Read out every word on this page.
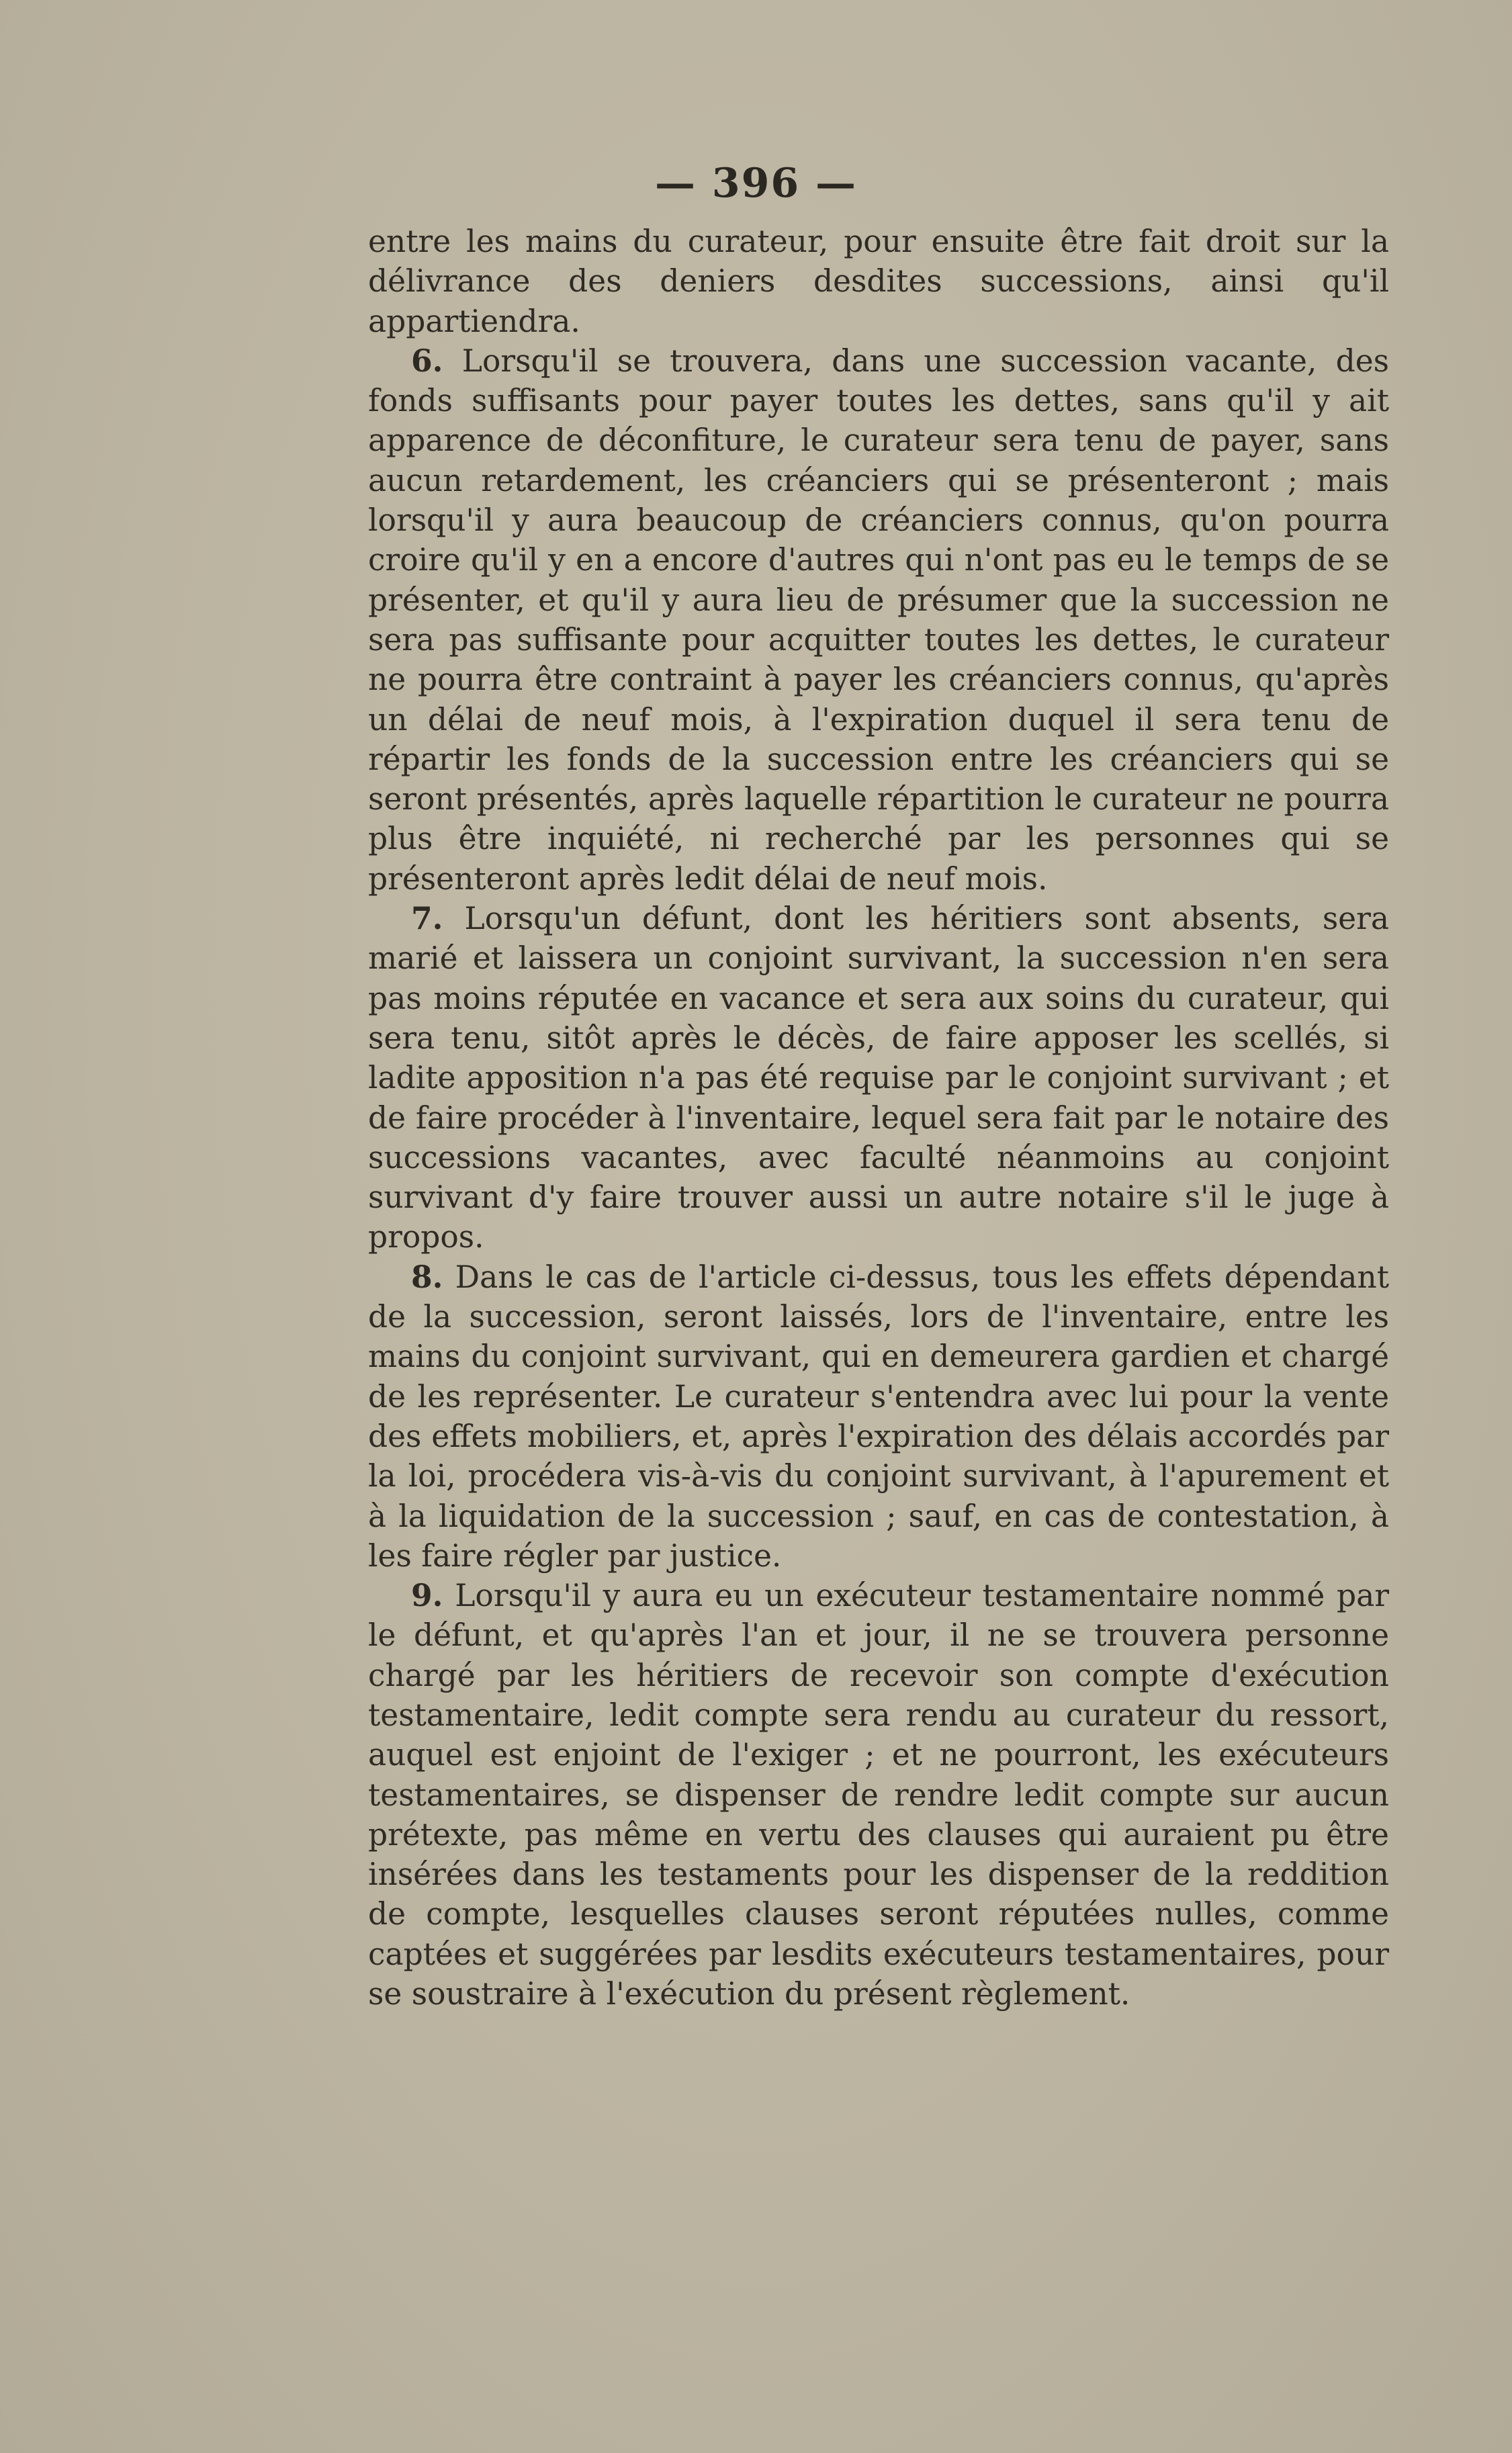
— 396 —

entre les mains du curateur, pour ensuite être fait droit sur la délivrance des deniers desdites successions, ainsi qu'il appartiendra.

6. Lorsqu'il se trouvera, dans une succession vacante, des fonds suffisants pour payer toutes les dettes, sans qu'il y ait apparence de déconfiture, le curateur sera tenu de payer, sans aucun retardement, les créanciers qui se présenteront ; mais lorsqu'il y aura beaucoup de créanciers connus, qu'on pourra croire qu'il y en a encore d'autres qui n'ont pas eu le temps de se présenter, et qu'il y aura lieu de présumer que la succession ne sera pas suffisante pour acquitter toutes les dettes, le curateur ne pourra être contraint à payer les créanciers connus, qu'après un délai de neuf mois, à l'expiration duquel il sera tenu de répartir les fonds de la succession entre les créanciers qui se seront présentés, après laquelle répartition le curateur ne pourra plus être inquiété, ni recherché par les personnes qui se présenteront après ledit délai de neuf mois.

7. Lorsqu'un défunt, dont les héritiers sont absents, sera marié et laissera un conjoint survivant, la succession n'en sera pas moins réputée en vacance et sera aux soins du curateur, qui sera tenu, sitôt après le décès, de faire apposer les scellés, si ladite apposition n'a pas été requise par le conjoint survivant ; et de faire procéder à l'inventaire, lequel sera fait par le notaire des successions vacantes, avec faculté néanmoins au conjoint survivant d'y faire trouver aussi un autre notaire s'il le juge à propos.

8. Dans le cas de l'article ci-dessus, tous les effets dépendant de la succession, seront laissés, lors de l'inventaire, entre les mains du conjoint survivant, qui en demeurera gardien et chargé de les représenter. Le curateur s'entendra avec lui pour la vente des effets mobiliers, et, après l'expiration des délais accordés par la loi, procédera vis-à-vis du conjoint survivant, à l'apurement et à la liquidation de la succession ; sauf, en cas de contestation, à les faire régler par justice.

9. Lorsqu'il y aura eu un exécuteur testamentaire nommé par le défunt, et qu'après l'an et jour, il ne se trouvera personne chargé par les héritiers de recevoir son compte d'exécution testamentaire, ledit compte sera rendu au curateur du ressort, auquel est enjoint de l'exiger ; et ne pourront, les exécuteurs testamentaires, se dispenser de rendre ledit compte sur aucun prétexte, pas même en vertu des clauses qui auraient pu être insérées dans les testaments pour les dispenser de la reddition de compte, lesquelles clauses seront réputées nulles, comme captées et suggérées par lesdits exécuteurs testamentaires, pour se soustraire à l'exécution du présent règlement.
